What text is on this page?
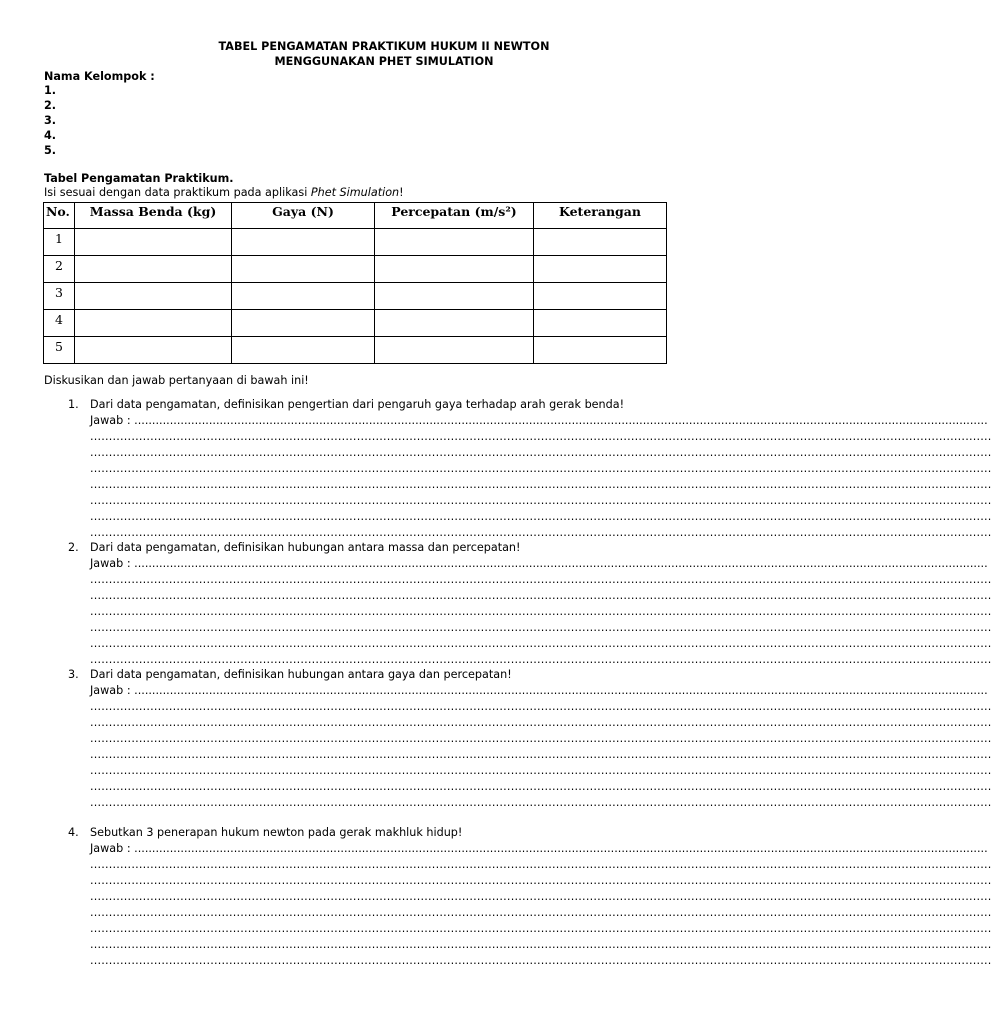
TABEL PENGAMATAN PRAKTIKUM HUKUM II NEWTON
MENGGUNAKAN PHET SIMULATION
Nama Kelompok :
1.
2.
3.
4.
5.
Tabel Pengamatan Praktikum.
Isi sesuai dengan data praktikum pada aplikasi Phet Simulation!
No.	Massa Benda (kg)	Gaya (N)	Percepatan (m/s²)	Keterangan
1				
2				
3				
4				
5				
Diskusikan dan jawab pertanyaan di bawah ini!
1. Dari data pengamatan, definisikan pengertian dari pengaruh gaya terhadap arah gerak benda!
Jawab : ................................................................................................................................................................................................................................................
................................................................................................................................................................................................................................................
................................................................................................................................................................................................................................................
................................................................................................................................................................................................................................................
................................................................................................................................................................................................................................................
................................................................................................................................................................................................................................................
................................................................................................................................................................................................................................................
................................................................................................................................................................................................................................................
2. Dari data pengamatan, definisikan hubungan antara massa dan percepatan!
Jawab : ................................................................................................................................................................................................................................................
................................................................................................................................................................................................................................................
................................................................................................................................................................................................................................................
................................................................................................................................................................................................................................................
................................................................................................................................................................................................................................................
................................................................................................................................................................................................................................................
................................................................................................................................................................................................................................................
3. Dari data pengamatan, definisikan hubungan antara gaya dan percepatan!
Jawab : ................................................................................................................................................................................................................................................
................................................................................................................................................................................................................................................
................................................................................................................................................................................................................................................
................................................................................................................................................................................................................................................
................................................................................................................................................................................................................................................
................................................................................................................................................................................................................................................
................................................................................................................................................................................................................................................
................................................................................................................................................................................................................................................
4. Sebutkan 3 penerapan hukum newton pada gerak makhluk hidup!
Jawab : ................................................................................................................................................................................................................................................
................................................................................................................................................................................................................................................
................................................................................................................................................................................................................................................
................................................................................................................................................................................................................................................
................................................................................................................................................................................................................................................
................................................................................................................................................................................................................................................
................................................................................................................................................................................................................................................
................................................................................................................................................................................................................................................
